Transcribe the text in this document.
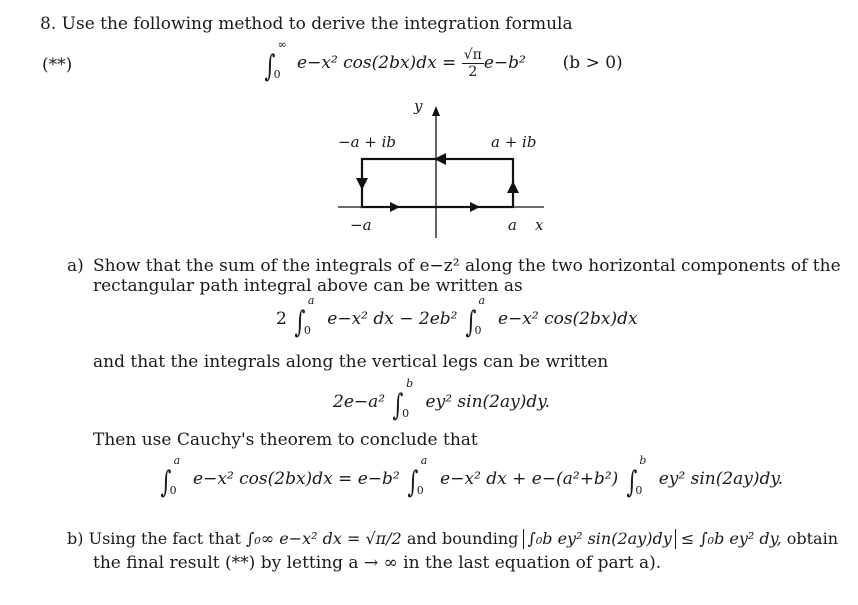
8. Use the following method to derive the integration formula
(**)	∫
∞
0
e−x² $\cos(2bx)dx = \frac{√\pi}{2} e-b^2$ (b > 0)
y
−a + ib	a + ib
−a	a x
a) Show that the sum of the integrals of e−z² along the two horizontal components of the
rectangular path integral above can be written as
2 ∫
a
0
e−x² dx − 2eb² ∫
a
0
e−x² cos(2bx)dx
and that the integrals along the vertical legs can be written
2e−a² ∫
b
0
ey² sin(2ay)dy.
Then use Cauchy's theorem to conclude that
∫
a
0
e−x² cos(2bx)dx = e−b² ∫
a
0
e−x² dx + e−(a²+b²) ∫
b
0
ey² sin(2ay)dy.
b) Using the fact that ∫₀∞ e−x² dx = √π/2 and bounding ∫₀b ey² sin(2ay)dy ≤ ∫₀b ey² dy, obtain
the final result (**) by letting a → ∞ in the last equation of part a).
